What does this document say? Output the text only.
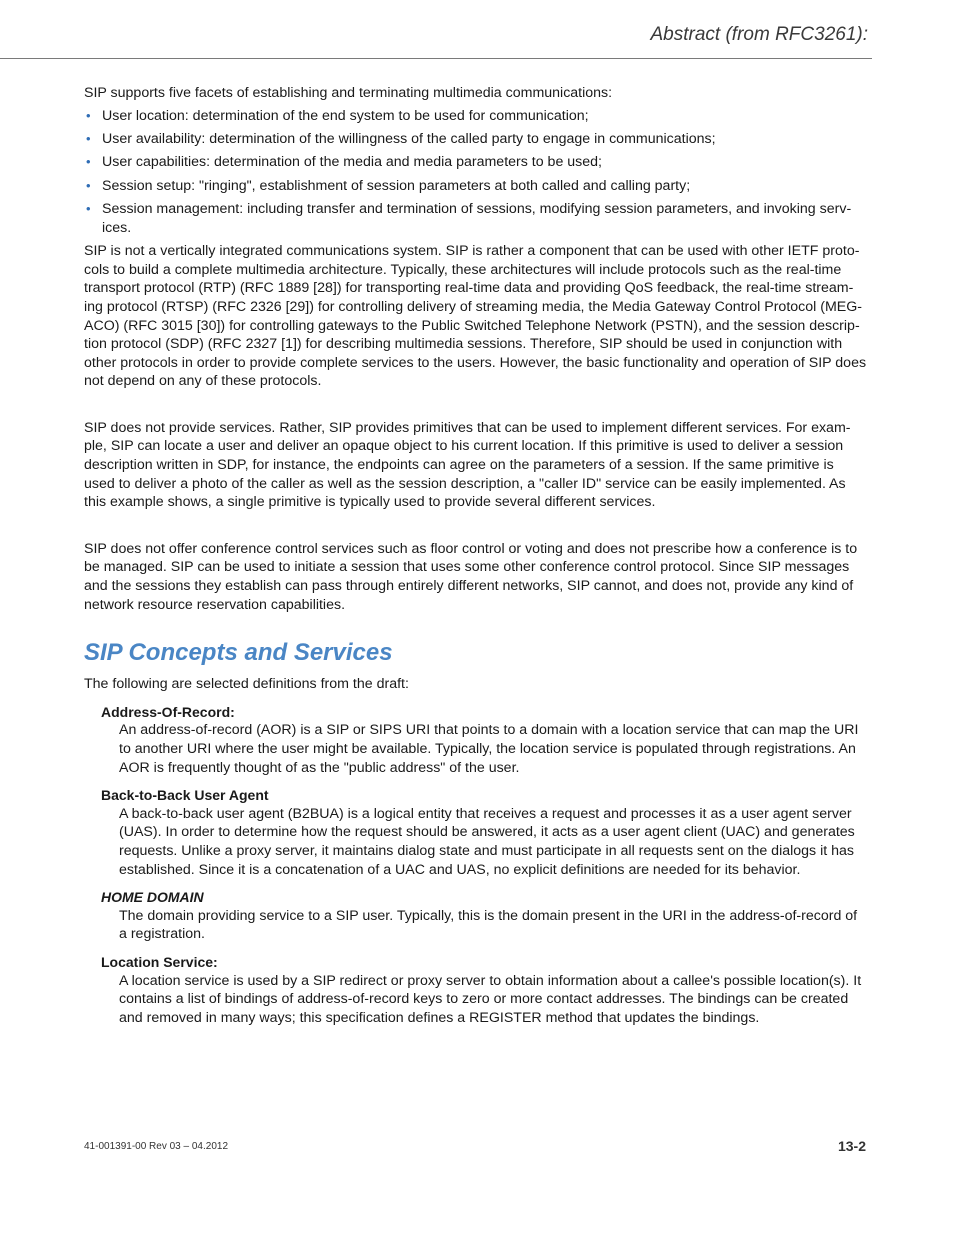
Abstract (from RFC3261):

SIP supports five facets of establishing and terminating multimedia communications:

• User location: determination of the end system to be used for communication;
• User availability: determination of the willingness of the called party to engage in communications;
• User capabilities: determination of the media and media parameters to be used;
• Session setup: "ringing", establishment of session parameters at both called and calling party;
• Session management: including transfer and termination of sessions, modifying session parameters, and invoking serv- ices.

SIP is not a vertically integrated communications system. SIP is rather a component that can be used with other IETF proto- cols to build a complete multimedia architecture. Typically, these architectures will include protocols such as the real-time transport protocol (RTP) (RFC 1889 [28]) for transporting real-time data and providing QoS feedback, the real-time stream- ing protocol (RTSP) (RFC 2326 [29]) for controlling delivery of streaming media, the Media Gateway Control Protocol (MEG- ACO) (RFC 3015 [30]) for controlling gateways to the Public Switched Telephone Network (PSTN), and the session descrip- tion protocol (SDP) (RFC 2327 [1]) for describing multimedia sessions. Therefore, SIP should be used in conjunction with other protocols in order to provide complete services to the users. However, the basic functionality and operation of SIP does not depend on any of these protocols.

SIP does not provide services. Rather, SIP provides primitives that can be used to implement different services. For exam- ple, SIP can locate a user and deliver an opaque object to his current location. If this primitive is used to deliver a session description written in SDP, for instance, the endpoints can agree on the parameters of a session. If the same primitive is used to deliver a photo of the caller as well as the session description, a "caller ID" service can be easily implemented. As this example shows, a single primitive is typically used to provide several different services.

SIP does not offer conference control services such as floor control or voting and does not prescribe how a conference is to be managed. SIP can be used to initiate a session that uses some other conference control protocol. Since SIP messages and the sessions they establish can pass through entirely different networks, SIP cannot, and does not, provide any kind of network resource reservation capabilities.

SIP Concepts and Services

The following are selected definitions from the draft:

Address-Of-Record:
An address-of-record (AOR) is a SIP or SIPS URI that points to a domain with a location service that can map the URI to another URI where the user might be available. Typically, the location service is populated through registrations. An AOR is frequently thought of as the "public address" of the user.
Back-to-Back User Agent
A back-to-back user agent (B2BUA) is a logical entity that receives a request and processes it as a user agent server (UAS). In order to determine how the request should be answered, it acts as a user agent client (UAC) and generates requests. Unlike a proxy server, it maintains dialog state and must participate in all requests sent on the dialogs it has established. Since it is a concatenation of a UAC and UAS, no explicit definitions are needed for its behavior.
HOME DOMAIN
The domain providing service to a SIP user. Typically, this is the domain present in the URI in the address-of-record of a registration.
Location Service:
A location service is used by a SIP redirect or proxy server to obtain information about a callee's possible location(s). It contains a list of bindings of address-of-record keys to zero or more contact addresses. The bindings can be created and removed in many ways; this specification defines a REGISTER method that updates the bindings.
41-001391-00 Rev 03 – 04.2012	13-2
